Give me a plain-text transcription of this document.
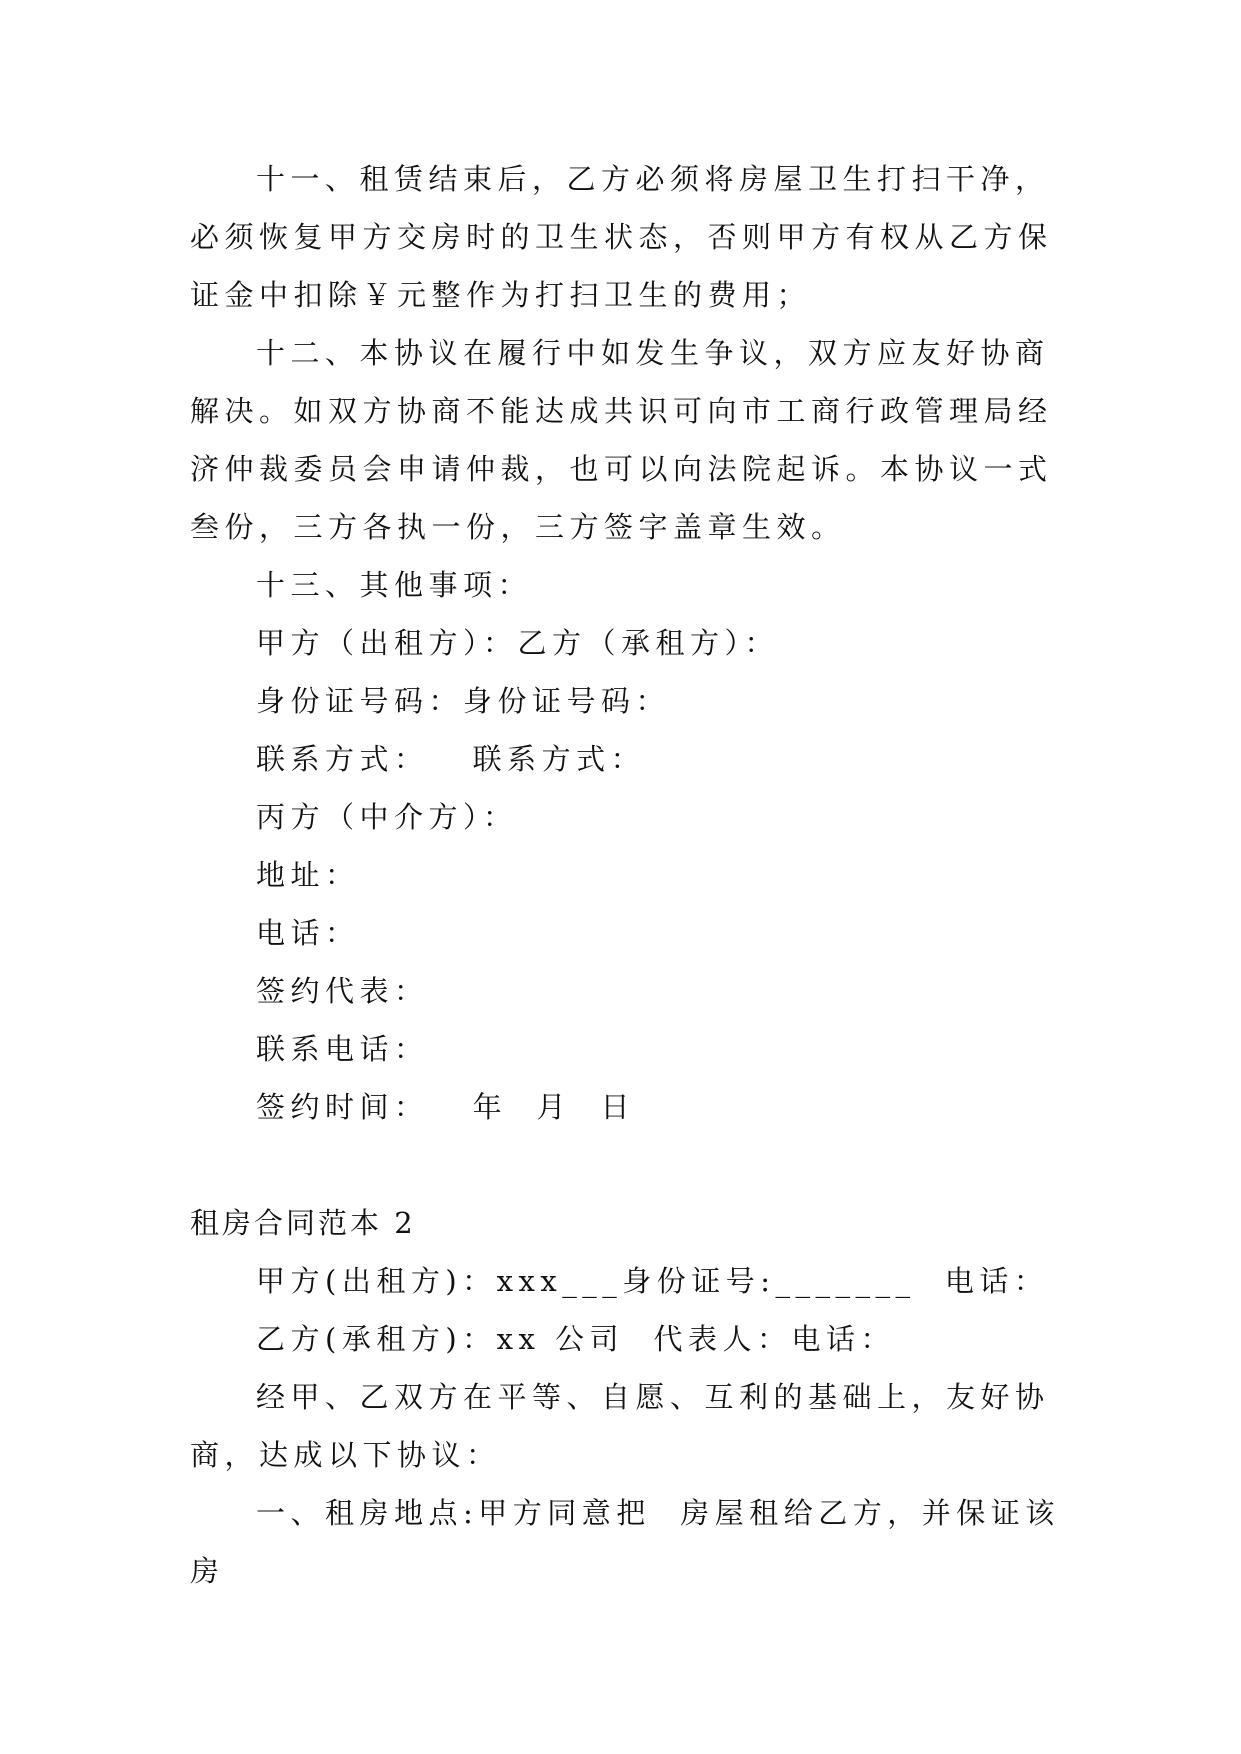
十一、租赁结束后，乙方必须将房屋卫生打扫干净，必须恢复甲方交房时的卫生状态，否则甲方有权从乙方保证金中扣除￥元整作为打扫卫生的费用；

十二、本协议在履行中如发生争议，双方应友好协商解决。如双方协商不能达成共识可向市工商行政管理局经济仲裁委员会申请仲裁，也可以向法院起诉。本协议一式叁份，三方各执一份，三方签字盖章生效。

十三、其他事项：

甲方（出租方）：乙方（承租方）：

身份证号码：身份证号码：

联系方式：   联系方式：

丙方（中介方）：

地址：

电话：

签约代表：

联系电话：

签约时间：   年  月  日

租房合同范本 2

甲方(出租方)：xxx___身份证号:_______  电话：

乙方(承租方)：xx 公司  代表人：电话：

经甲、乙双方在平等、自愿、互利的基础上，友好协商，达成以下协议：

一、租房地点:甲方同意把  房屋租给乙方，并保证该房
